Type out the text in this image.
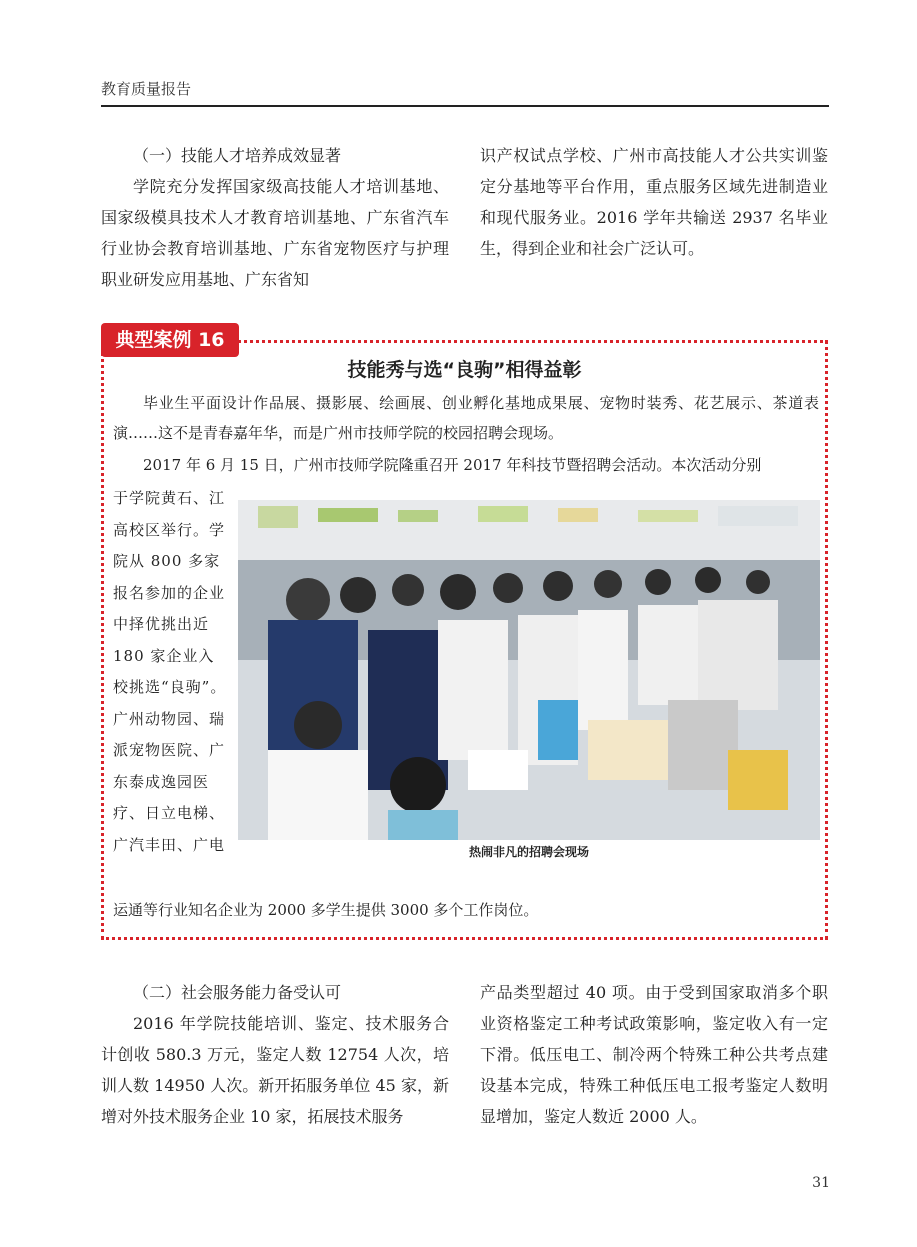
教育质量报告

（一）技能人才培养成效显著

学院充分发挥国家级高技能人才培训基地、国家级模具技术人才教育培训基地、广东省汽车行业协会教育培训基地、广东省宠物医疗与护理职业研发应用基地、广东省知

识产权试点学校、广州市高技能人才公共实训鉴定分基地等平台作用，重点服务区域先进制造业和现代服务业。2016 学年共输送 2937 名毕业生，得到企业和社会广泛认可。

典型案例 16
技能秀与选“良驹”相得益彰

毕业生平面设计作品展、摄影展、绘画展、创业孵化基地成果展、宠物时装秀、花艺展示、茶道表演……这不是青春嘉年华，而是广州市技师学院的校园招聘会现场。

2017 年 6 月 15 日，广州市技师学院隆重召开 2017 年科技节暨招聘会活动。本次活动分别

于学院黄石、江高校区举行。学院从 800 多家报名参加的企业中择优挑出近 180 家企业入校挑选“良驹”。广州动物园、瑞派宠物医院、广东泰成逸园医疗、日立电梯、广汽丰田、广电	热闹非凡的招聘会现场

运通等行业知名企业为 2000 多学生提供 3000 多个工作岗位。

（二）社会服务能力备受认可

2016 年学院技能培训、鉴定、技术服务合计创收 580.3 万元，鉴定人数 12754 人次，培训人数 14950 人次。新开拓服务单位 45 家，新增对外技术服务企业 10 家，拓展技术服务

产品类型超过 40 项。由于受到国家取消多个职业资格鉴定工种考试政策影响，鉴定收入有一定下滑。低压电工、制冷两个特殊工种公共考点建设基本完成，特殊工种低压电工报考鉴定人数明显增加，鉴定人数近 2000 人。

31
